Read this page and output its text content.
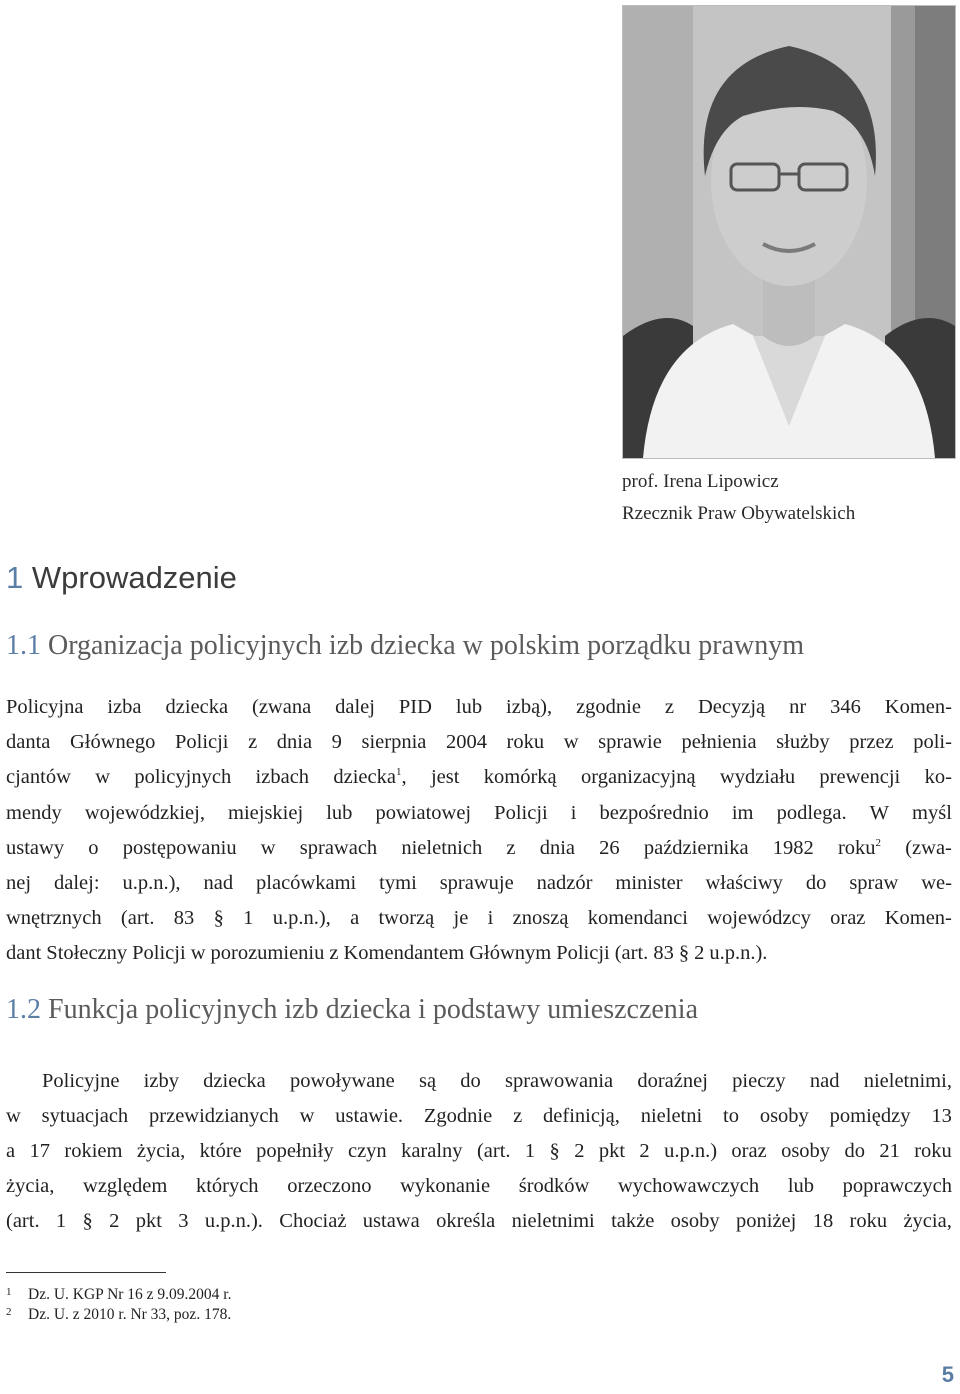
prof. Irena Lipowicz
Rzecznik Praw Obywatelskich
1 Wprowadzenie
1.1 Organizacja policyjnych izb dziecka w polskim porządku prawnym
Policyjna izba dziecka (zwana dalej PID lub izbą), zgodnie z Decyzją nr 346 Komen-
danta Głównego Policji z dnia 9 sierpnia 2004 roku w sprawie pełnienia służby przez poli-
cjantów w policyjnych izbach dziecka$^1$, jest komórką organizacyjną wydziału prewencji ko-
mendy wojewódzkiej, miejskiej lub powiatowej Policji i bezpośrednio im podlega. W myśl
ustawy o postępowaniu w sprawach nieletnich z dnia 26 października 1982 roku$^2$ (zwa-
nej dalej: u.p.n.), nad placówkami tymi sprawuje nadzór minister właściwy do spraw we-
wnętrznych (art. 83 § 1 u.p.n.), a tworzą je i znoszą komendanci wojewódzcy oraz Komen-
dant Stołeczny Policji w porozumieniu z Komendantem Głównym Policji (art. 83 § 2 u.p.n.).
1.2 Funkcja policyjnych izb dziecka i podstawy umieszczenia
Policyjne izby dziecka powoływane są do sprawowania doraźnej pieczy nad nieletnimi,
w sytuacjach przewidzianych w ustawie. Zgodnie z definicją, nieletni to osoby pomiędzy 13
a 17 rokiem życia, które popełniły czyn karalny (art. 1 § 2 pkt 2 u.p.n.) oraz osoby do 21 roku
życia, względem których orzeczono wykonanie środków wychowawczych lub poprawczych
(art. 1 § 2 pkt 3 u.p.n.). Chociaż ustawa określa nieletnimi także osoby poniżej 18 roku życia,
1 Dz. U. KGP Nr 16 z 9.09.2004 r.
2 Dz. U. z 2010 r. Nr 33, poz. 178.
5
